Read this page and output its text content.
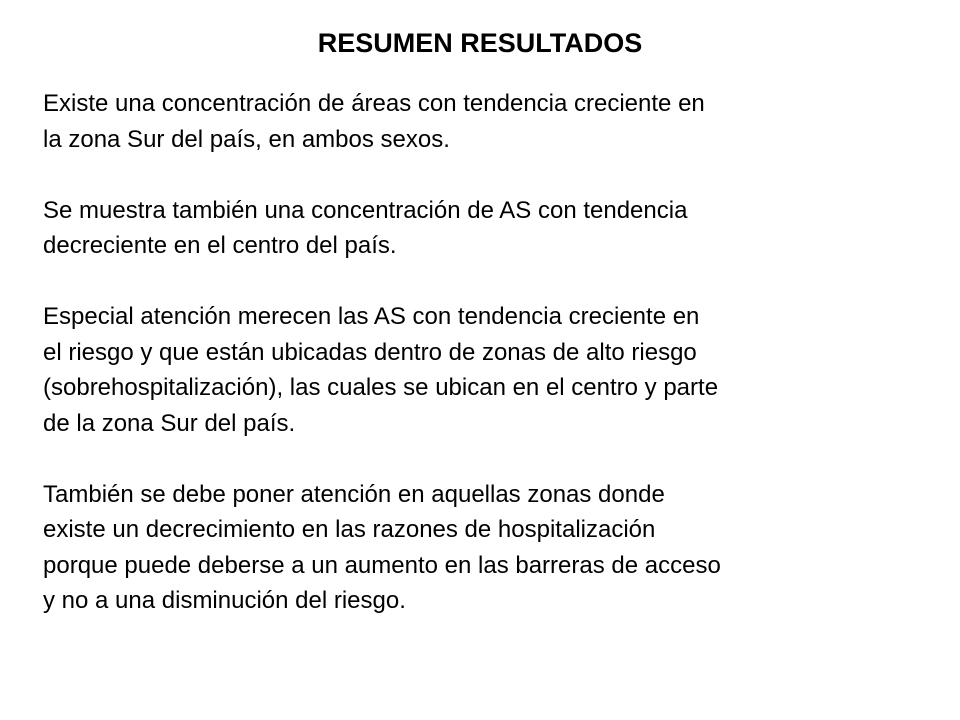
RESUMEN RESULTADOS

Existe una concentración de áreas con tendencia creciente en
la zona Sur del país, en ambos sexos.

Se muestra también una concentración de AS con tendencia
decreciente en el centro del país.

Especial atención merecen las AS con tendencia creciente en
el riesgo y que están ubicadas dentro de zonas de alto riesgo
(sobrehospitalización), las cuales se ubican en el centro y parte
de la zona Sur del país.

También se debe poner atención en aquellas zonas donde
existe un decrecimiento en las razones de hospitalización
porque puede deberse a un aumento en las barreras de acceso
y no a una disminución del riesgo.
